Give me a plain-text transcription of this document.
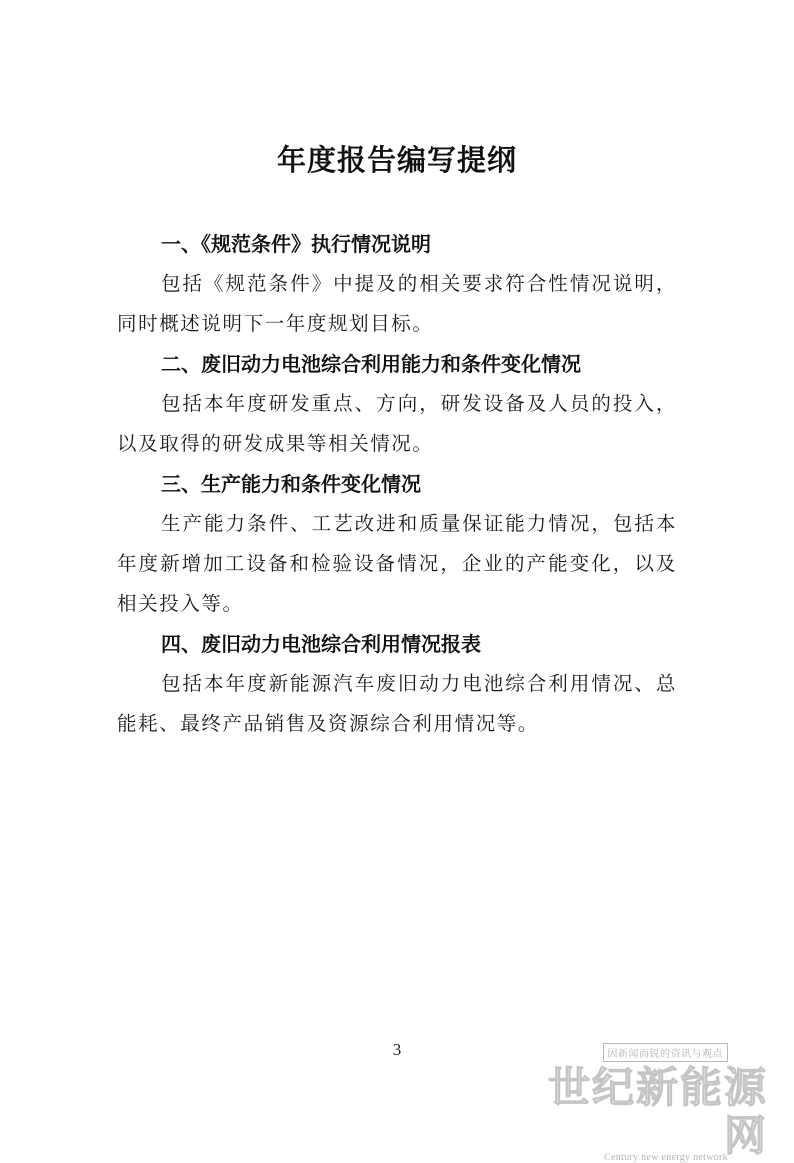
年度报告编写提纲

一、《规范条件》执行情况说明

包括《规范条件》中提及的相关要求符合性情况说明，同时概述说明下一年度规划目标。

二、废旧动力电池综合利用能力和条件变化情况

包括本年度研发重点、方向，研发设备及人员的投入，以及取得的研发成果等相关情况。

三、生产能力和条件变化情况

生产能力条件、工艺改进和质量保证能力情况，包括本年度新增加工设备和检验设备情况，企业的产能变化，以及相关投入等。

四、废旧动力电池综合利用情况报表

包括本年度新能源汽车废旧动力电池综合利用情况、总能耗、最终产品销售及资源综合利用情况等。

3	因新闻而锐的资讯与观点
世纪新能源网
Century new energy network
